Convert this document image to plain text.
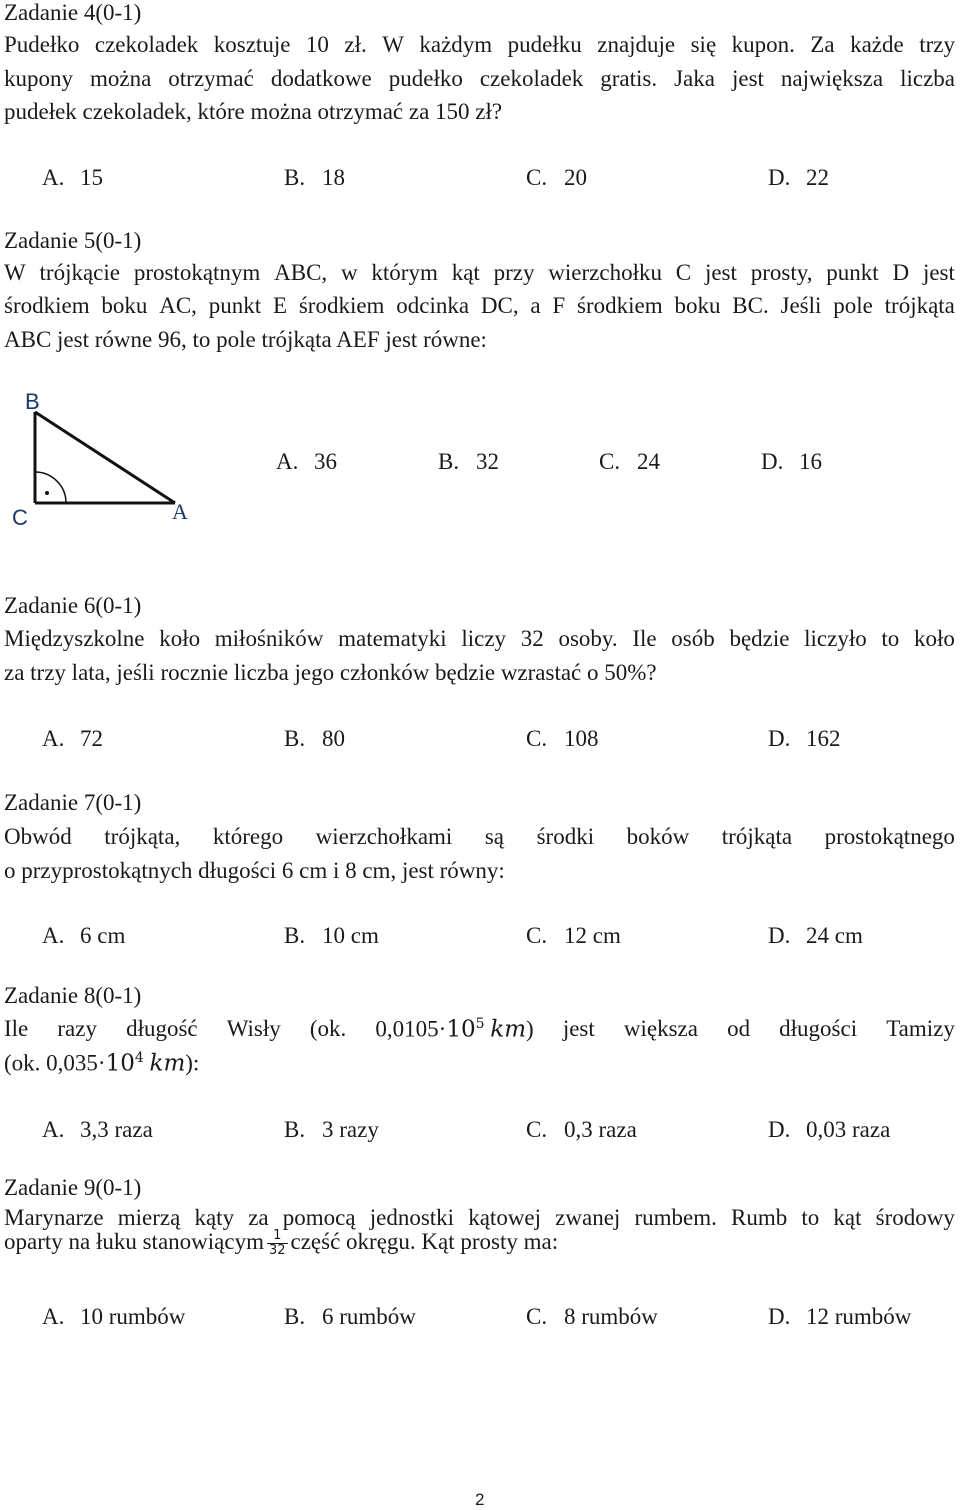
Zadanie 4(0-1)
Pudełko czekoladek kosztuje 10 zł. W każdym pudełku znajduje się kupon. Za każde trzy
kupony można otrzymać dodatkowe pudełko czekoladek gratis. Jaka jest największa liczba
pudełek czekoladek, które można otrzymać za 150 zł?
A. 15	B. 18	C. 20	D. 22
Zadanie 5(0-1)
W trójkącie prostokątnym ABC, w którym kąt przy wierzchołku C jest prosty, punkt D jest
środkiem boku AC, punkt E środkiem odcinka DC, a F środkiem boku BC. Jeśli pole trójkąta
ABC jest równe 96, to pole trójkąta AEF jest równe:
B
C	A
A. 36	B. 32	C. 24	D. 16
Zadanie 6(0-1)
Międzyszkolne koło miłośników matematyki liczy 32 osoby. Ile osób będzie liczyło to koło
za trzy lata, jeśli rocznie liczba jego członków będzie wzrastać o 50%?
A. 72	B. 80	C. 108	D. 162
Zadanie 7(0-1)
Obwód trójkąta, którego wierzchołkami są środki boków trójkąta prostokątnego
o przyprostokątnych długości 6 cm i 8 cm, jest równy:
A. 6 cm	B. 10 cm	C. 12 cm	D. 24 cm
Zadanie 8(0-1)
Ile razy długość Wisły (ok. $0,0105\cdot 10^5$ km) jest większa od długości Tamizy
(ok. $0,035\cdot 10^4$ km):
A. 3,3 raza	B. 3 razy	C. 0,3 raza	D. 0,03 raza
Zadanie 9(0-1)
Marynarze mierzą kąty za pomocą jednostki kątowej zwanej rumbem. Rumb to kąt środowy
oparty na łuku stanowiącym $\frac{1}{32}$ część okręgu. Kąt prosty ma:
A. 10 rumbów	B. 6 rumbów	C. 8 rumbów	D. 12 rumbów
2
